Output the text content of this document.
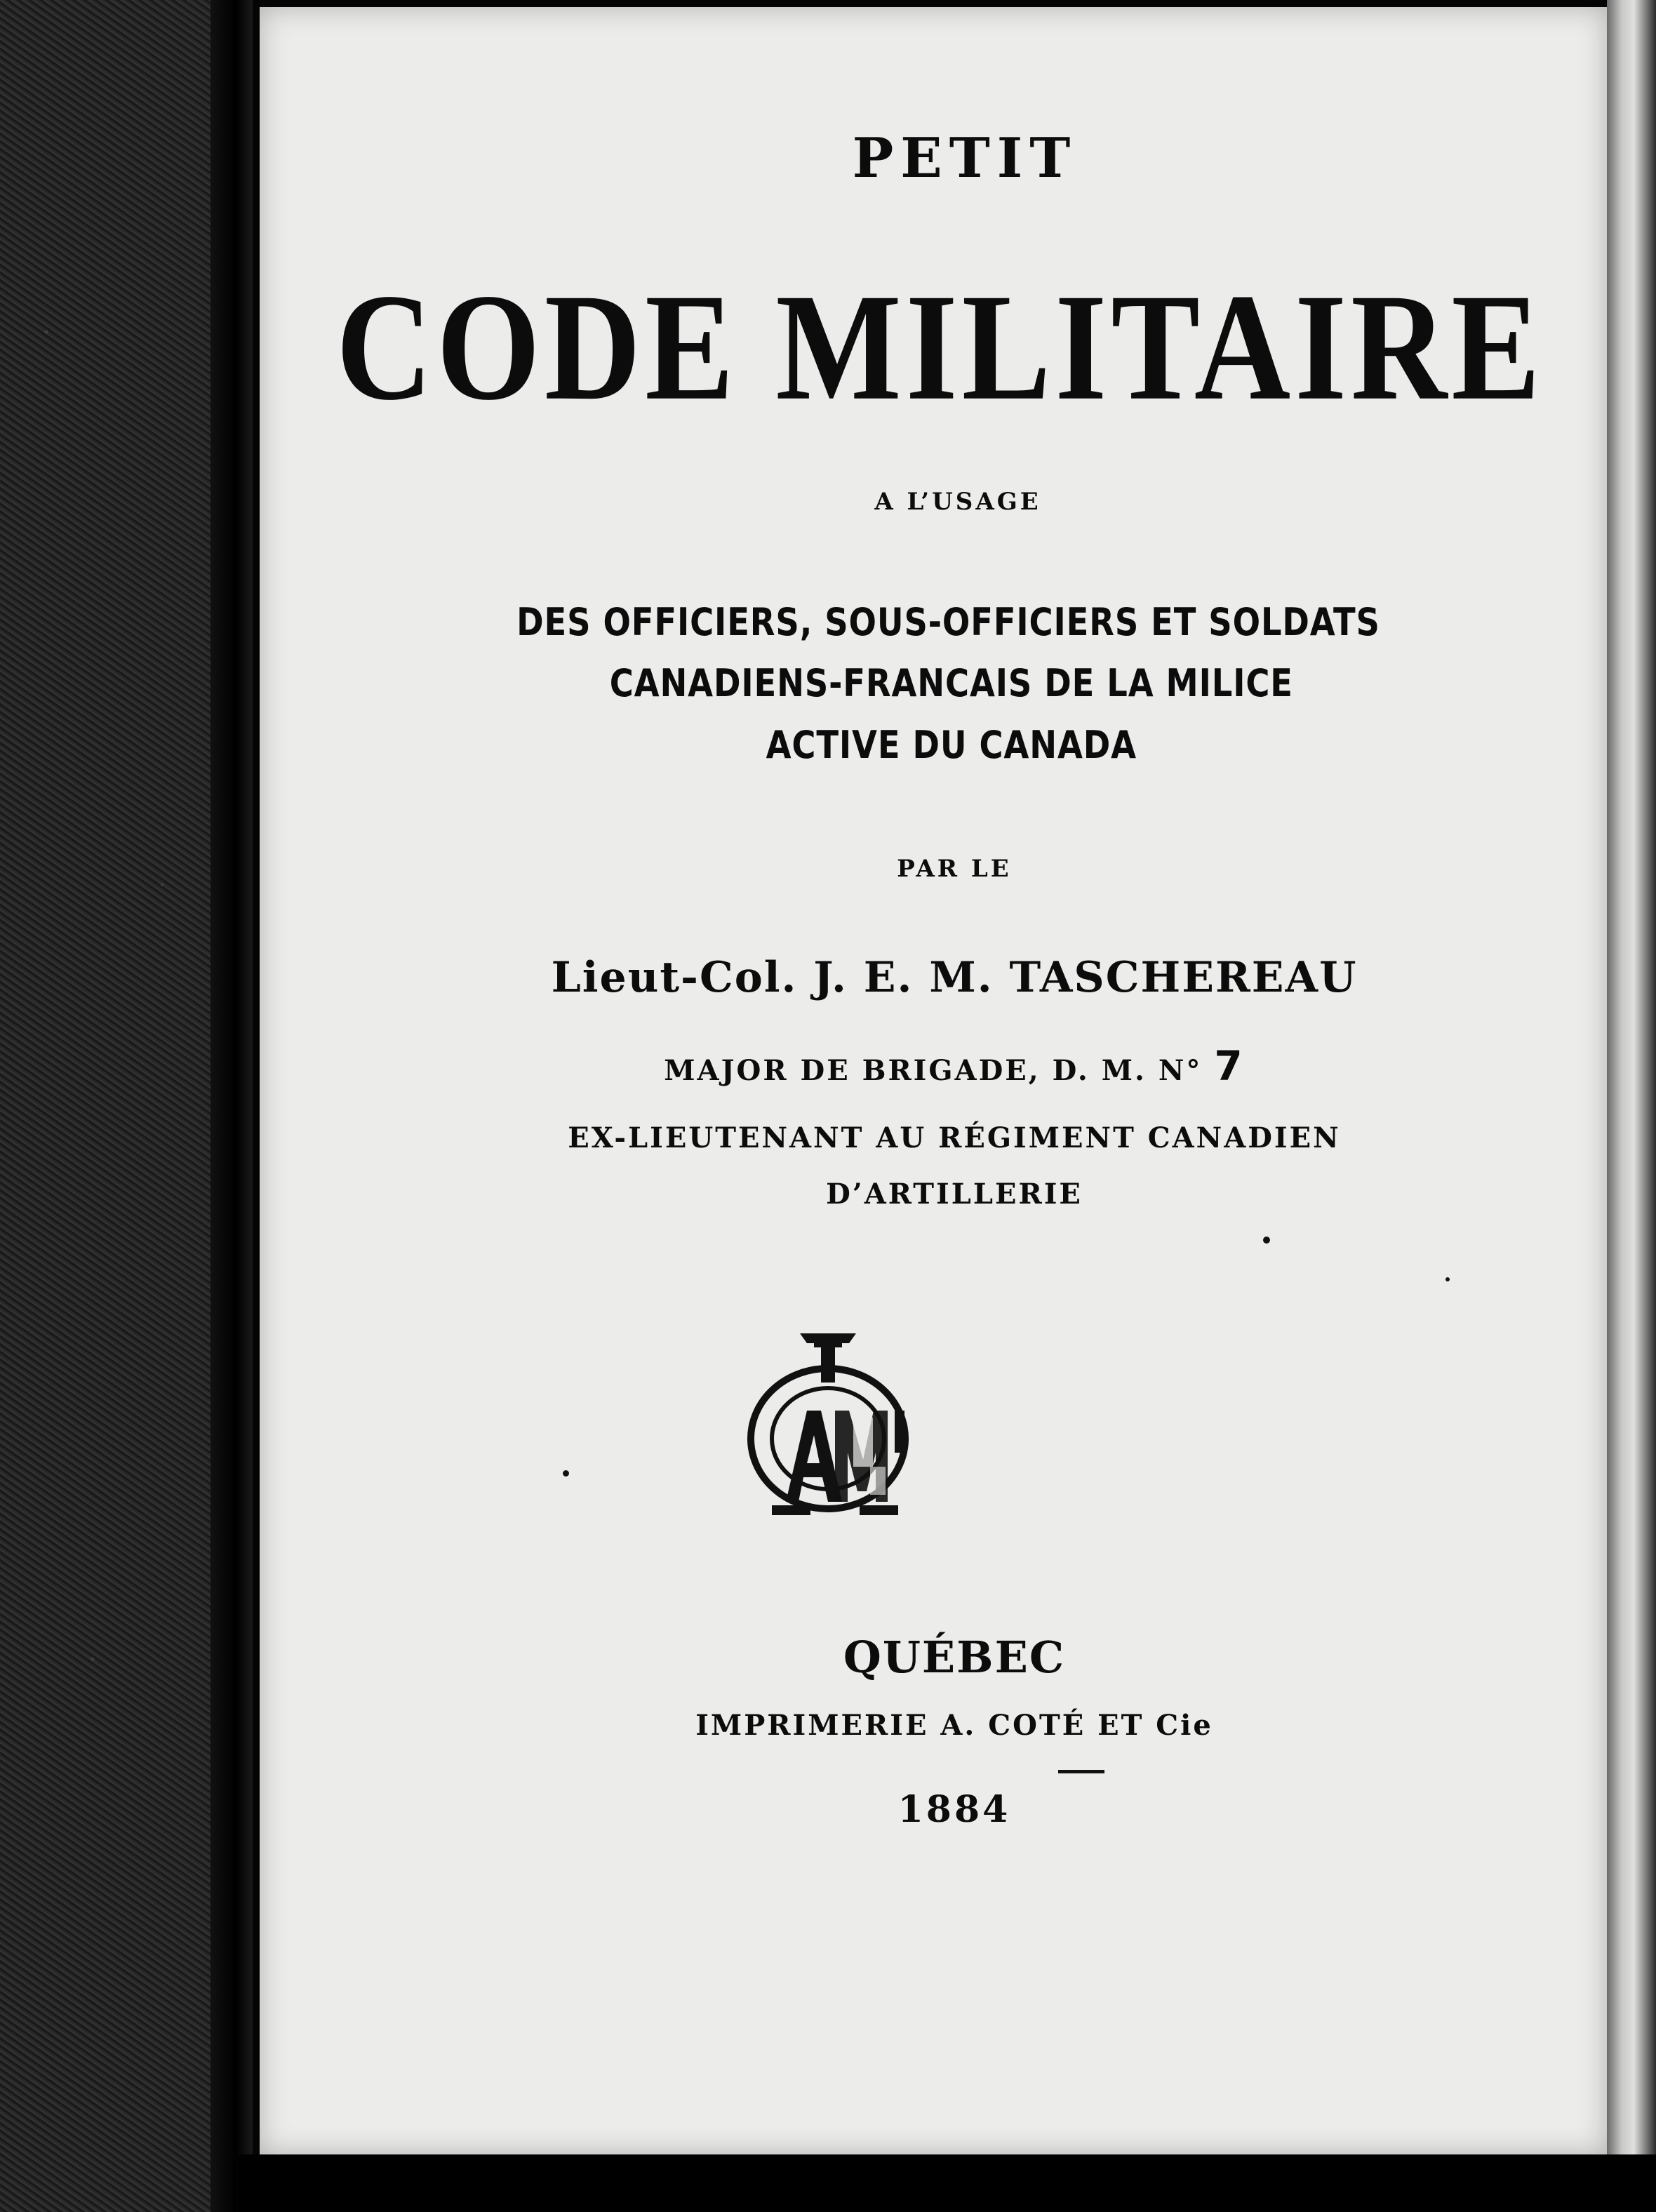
PETIT

CODE MILITAIRE

A L’USAGE

DES OFFICIERS, SOUS-OFFICIERS ET SOLDATS

CANADIENS-FRANCAIS DE LA MILICE

ACTIVE DU CANADA

PAR LE

Lieut-Col. J. E. M. TASCHEREAU

MAJOR DE BRIGADE, D. M. N° 7

EX-LIEUTENANT AU RÉGIMENT CANADIEN

D’ARTILLERIE

QUÉBEC

IMPRIMERIE A. COTÉ ET Cie

1884
